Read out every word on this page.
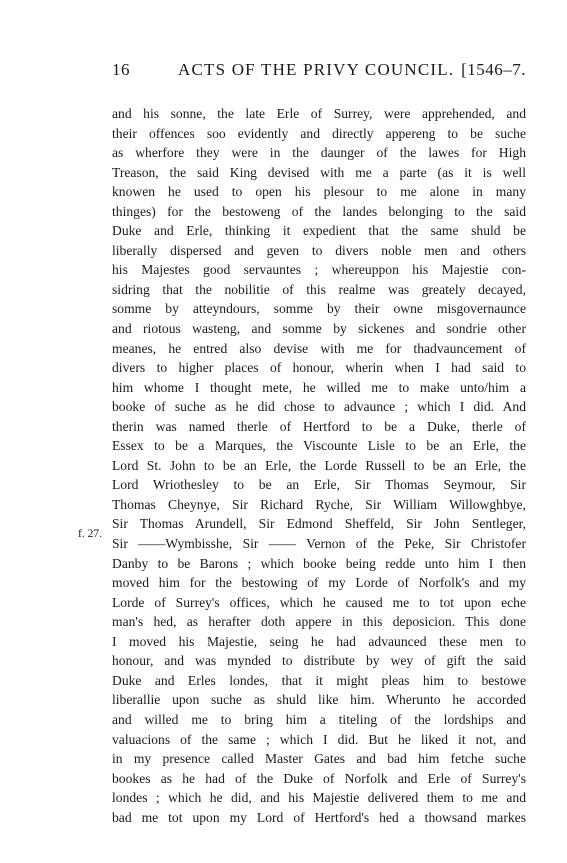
16	ACTS OF THE PRIVY COUNCIL. [1546–7.
f. 27.
and his sonne, the late Erle of Surrey, were apprehended, and
their offences soo evidently and directly appereng to be suche
as wherfore they were in the daunger of the lawes for High
Treason, the said King devised with me a parte (as it is well
knowen he used to open his plesour to me alone in many
thinges) for the bestoweng of the landes belonging to the said
Duke and Erle, thinking it expedient that the same shuld be
liberally dispersed and geven to divers noble men and others
his Majestes good servauntes ; whereuppon his Majestie con-
sidring that the nobilitie of this realme was greately decayed,
somme by atteyndours, somme by their owne misgovernaunce
and riotous wasteng, and somme by sickenes and sondrie other
meanes, he entred also devise with me for thadvauncement of
divers to higher places of honour, wherin when I had said to
him whome I thought mete, he willed me to make unto/him a
booke of suche as he did chose to advaunce ; which I did. And
therin was named therle of Hertford to be a Duke, therle of
Essex to be a Marques, the Viscounte Lisle to be an Erle, the
Lord St. John to be an Erle, the Lorde Russell to be an Erle, the
Lord Wriothesley to be an Erle, Sir Thomas Seymour, Sir
Thomas Cheynye, Sir Richard Ryche, Sir William Willowghbye,
Sir Thomas Arundell, Sir Edmond Sheffeld, Sir John Sentleger,
Sir ——Wymbisshe, Sir —— Vernon of the Peke, Sir Christofer
Danby to be Barons ; which booke being redde unto him I then
moved him for the bestowing of my Lorde of Norfolk's and my
Lorde of Surrey's offices, which he caused me to tot upon eche
man's hed, as herafter doth appere in this deposicion. This done
I moved his Majestie, seing he had advaunced these men to
honour, and was mynded to distribute by wey of gift the said
Duke and Erles londes, that it might pleas him to bestowe
liberallie upon suche as shuld like him. Wherunto he accorded
and willed me to bring him a titeling of the lordships and
valuacions of the same ; which I did. But he liked it not, and
in my presence called Master Gates and bad him fetche suche
bookes as he had of the Duke of Norfolk and Erle of Surrey's
londes ; which he did, and his Majestie delivered them to me and
bad me tot upon my Lord of Hertford's hed a thowsand markes
